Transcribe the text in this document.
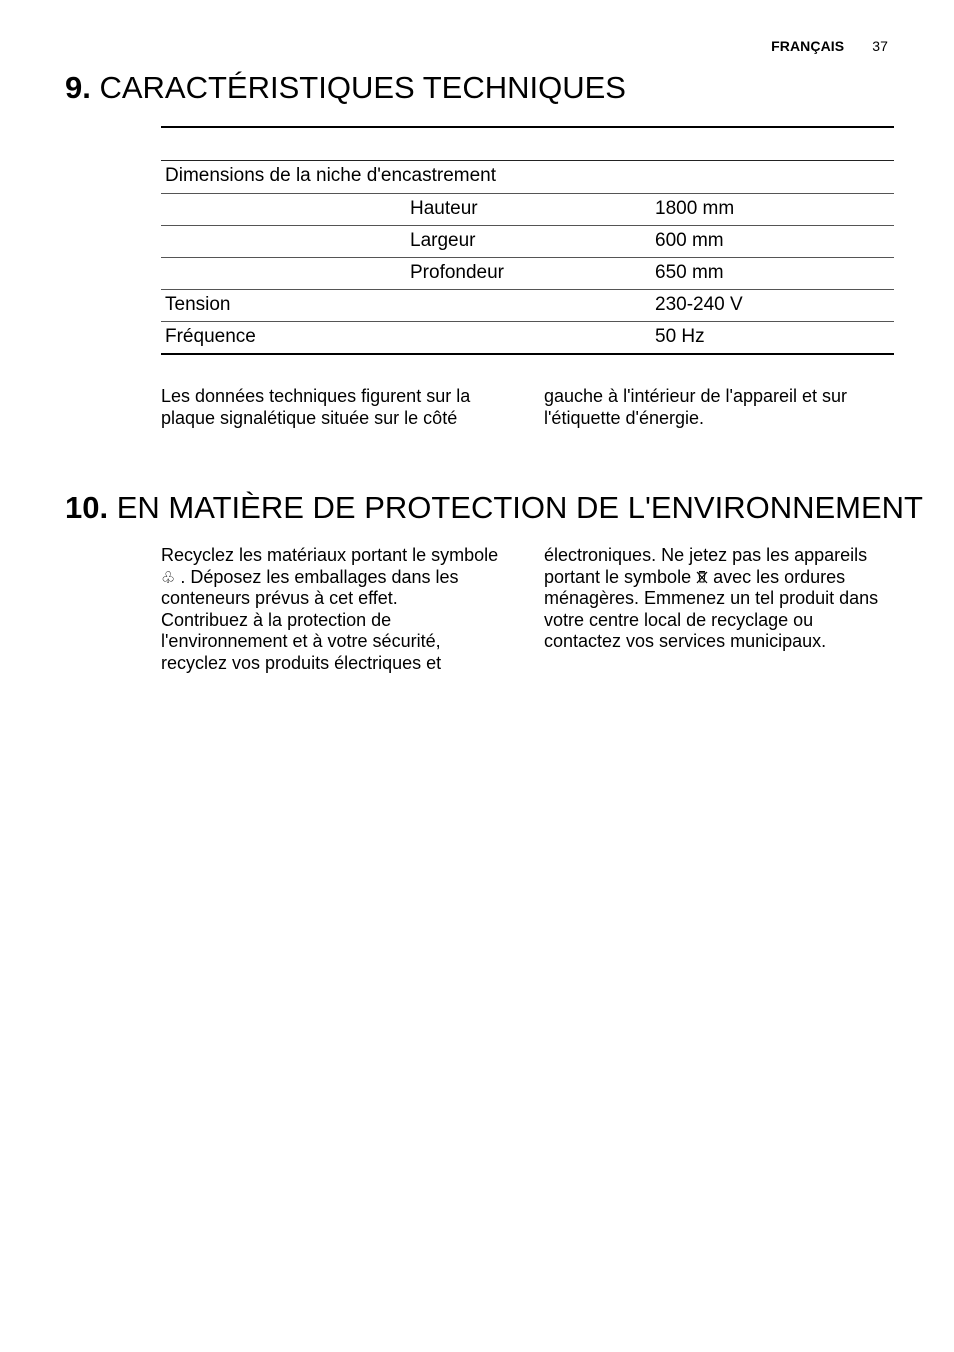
FRANÇAIS 37
9. CARACTÉRISTIQUES TECHNIQUES

Dimensions de la niche d'encastrement		
	Hauteur	1800 mm
	Largeur	600 mm
	Profondeur	650 mm
Tension		230-240 V
Fréquence		50 Hz

Les données techniques figurent sur la plaque signalétique située sur le côté

gauche à l'intérieur de l'appareil et sur l'étiquette d'énergie.

10. EN MATIÈRE DE PROTECTION DE L'ENVIRONNEMENT
Recyclez les matériaux portant le symbole ♧ . Déposez les emballages dans les conteneurs prévus à cet effet.
Contribuez à la protection de l'environnement et à votre sécurité, recyclez vos produits électriques et
électroniques. Ne jetez pas les appareils portant le symbole avec les ordures ménagères. Emmenez un tel produit dans votre centre local de recyclage ou contactez vos services municipaux.
